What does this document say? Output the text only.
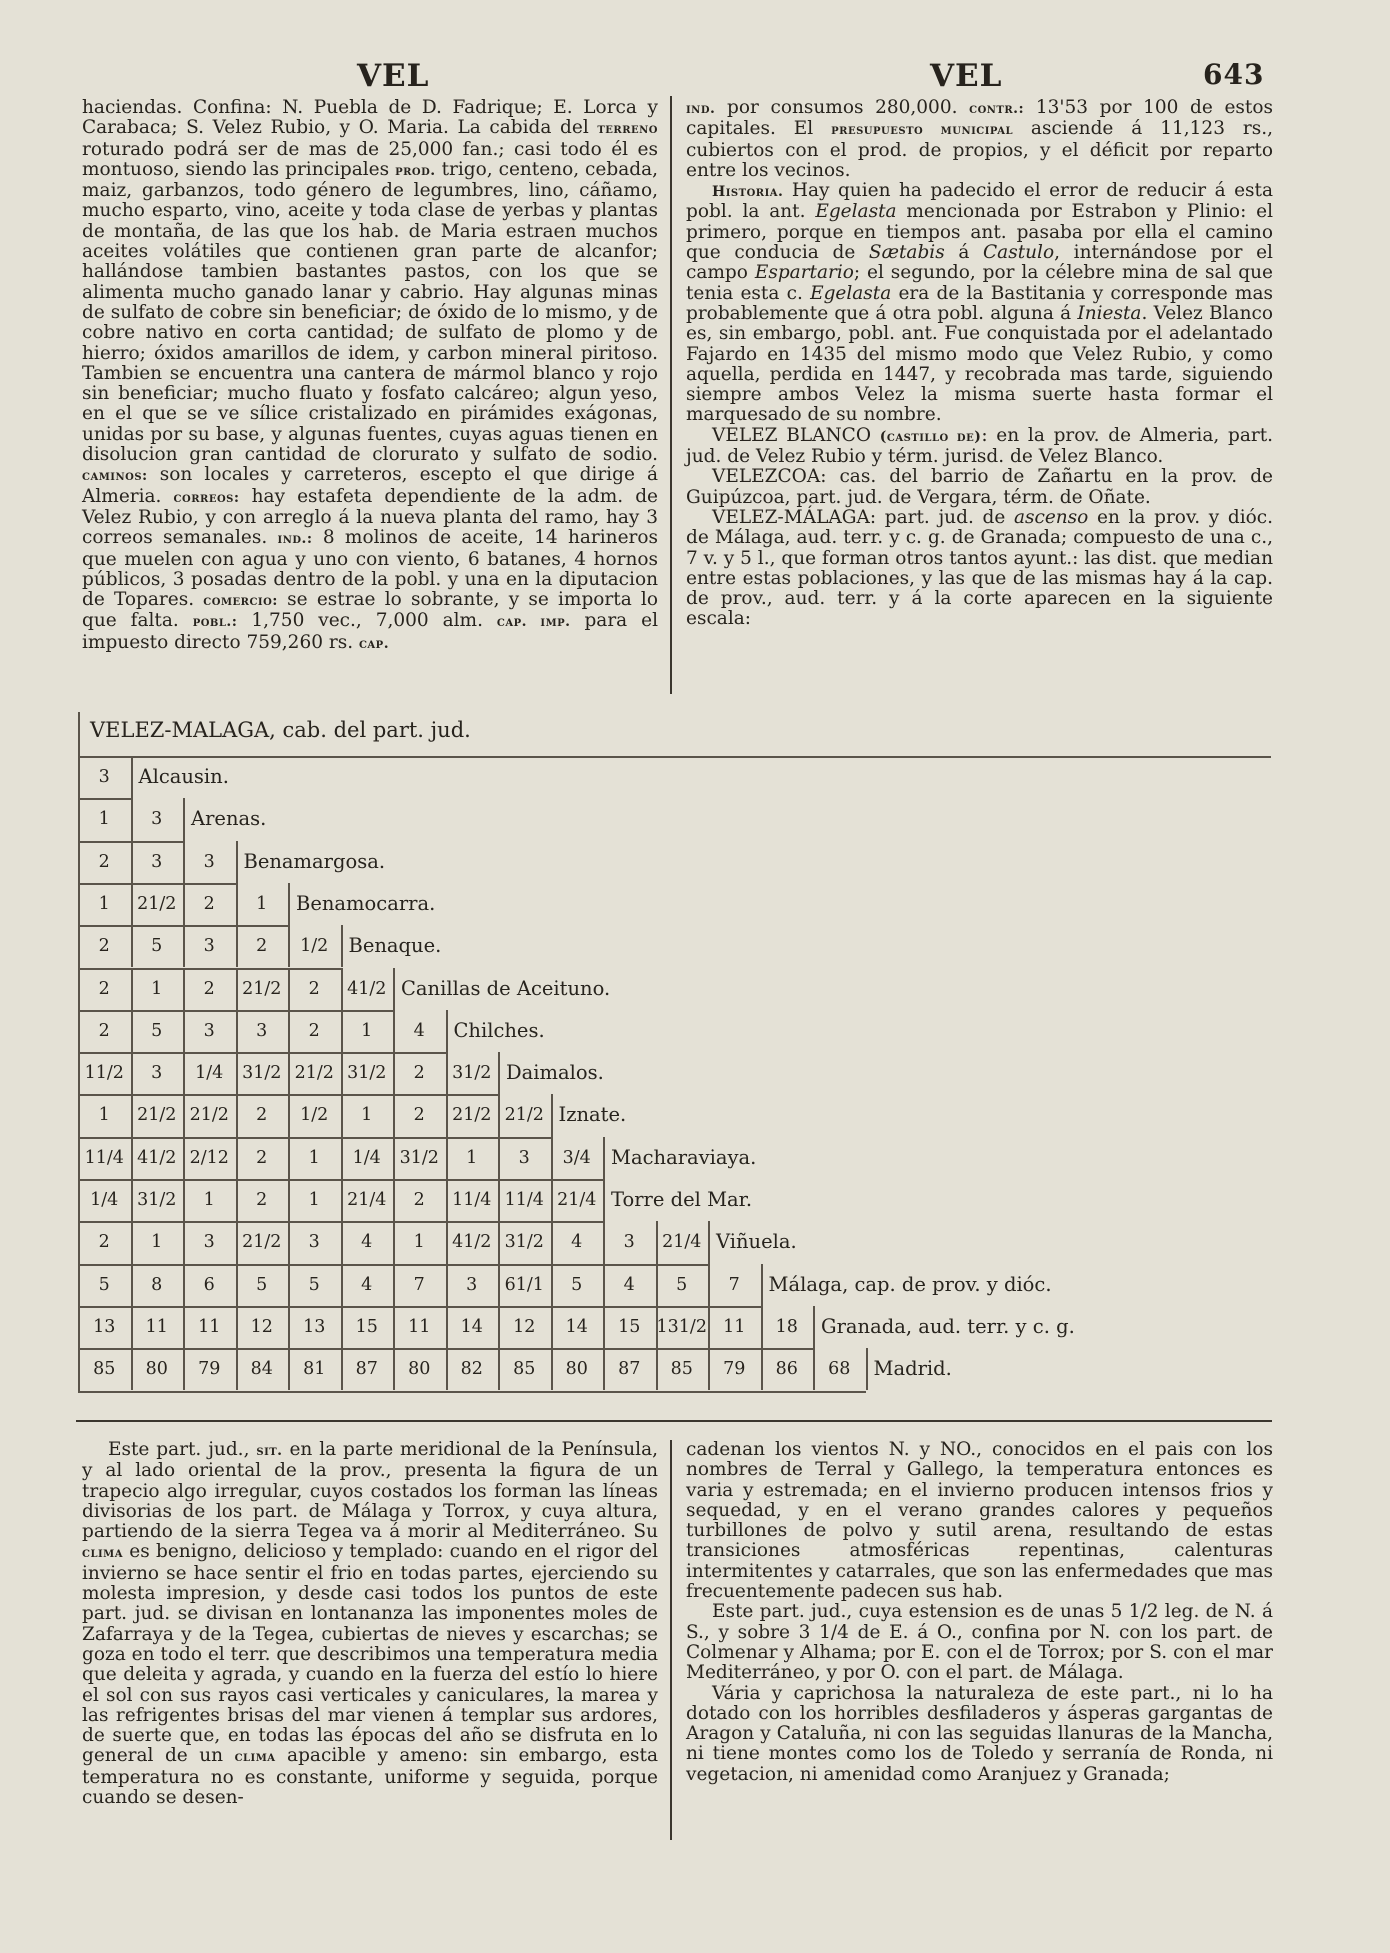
VEL	VEL	643

haciendas. Confina: N. Puebla de D. Fadrique; E. Lorca y Carabaca; S. Velez Rubio, y O. Maria. La cabida del terreno roturado podrá ser de mas de 25,000 fan.; casi todo él es montuoso, siendo las principales prod. trigo, centeno, cebada, maiz, garbanzos, todo género de legumbres, lino, cáñamo, mucho esparto, vino, aceite y toda clase de yerbas y plantas de montaña, de las que los hab. de Maria estraen muchos aceites volátiles que contienen gran parte de alcanfor; hallándose tambien bastantes pastos, con los que se alimenta mucho ganado lanar y cabrio. Hay algunas minas de sulfato de cobre sin beneficiar; de óxido de lo mismo, y de cobre nativo en corta cantidad; de sulfato de plomo y de hierro; óxidos amarillos de idem, y carbon mineral piritoso. Tambien se encuentra una cantera de mármol blanco y rojo sin beneficiar; mucho fluato y fosfato calcáreo; algun yeso, en el que se ve sílice cristalizado en pirámides exágonas, unidas por su base, y algunas fuentes, cuyas aguas tienen en disolucion gran cantidad de clorurato y sulfato de sodio. caminos: son locales y carreteros, escepto el que dirige á Almeria. correos: hay estafeta dependiente de la adm. de Velez Rubio, y con arreglo á la nueva planta del ramo, hay 3 correos semanales. ind.: 8 molinos de aceite, 14 harineros que muelen con agua y uno con viento, 6 batanes, 4 hornos públicos, 3 posadas dentro de la pobl. y una en la diputacion de Topares. comercio: se estrae lo sobrante, y se importa lo que falta. pobl.: 1,750 vec., 7,000 alm. cap. imp. para el impuesto directo 759,260 rs. cap.

ind. por consumos 280,000. contr.: 13'53 por 100 de estos capitales. El presupuesto municipal asciende á 11,123 rs., cubiertos con el prod. de propios, y el déficit por reparto entre los vecinos.

Historia. Hay quien ha padecido el error de reducir á esta pobl. la ant. Egelasta mencionada por Estrabon y Plinio: el primero, porque en tiempos ant. pasaba por ella el camino que conducia de Sætabis á Castulo, internándose por el campo Espartario; el segundo, por la célebre mina de sal que tenia esta c. Egelasta era de la Bastitania y corresponde mas probablemente que á otra pobl. alguna á Iniesta. Velez Blanco es, sin embargo, pobl. ant. Fue conquistada por el adelantado Fajardo en 1435 del mismo modo que Velez Rubio, y como aquella, perdida en 1447, y recobrada mas tarde, siguiendo siempre ambos Velez la misma suerte hasta formar el marquesado de su nombre.

VELEZ BLANCO (castillo de): en la prov. de Almeria, part. jud. de Velez Rubio y térm. jurisd. de Velez Blanco.

VELEZCOA: cas. del barrio de Zañartu en la prov. de Guipúzcoa, part. jud. de Vergara, térm. de Oñate.

VELEZ-MÁLAGA: part. jud. de ascenso en la prov. y dióc. de Málaga, aud. terr. y c. g. de Granada; compuesto de una c., 7 v. y 5 l., que forman otros tantos ayunt.: las dist. que median entre estas poblaciones, y las que de las mismas hay á la cap. de prov., aud. terr. y á la corte aparecen en la siguiente escala:

VELEZ-MALAGA, cab. del part. jud.
3	Alcausin.
1	3	Arenas.
2	3	3	Benamargosa.
1	21/2	2	1	Benamocarra.
2	5	3	2	1/2	Benaque.
2	1	2	21/2	2	41/2 Canillas de Aceituno.
2	5	3	3	2	1	4	Chilches.
11/2	3	1/4	31/2 21/2 31/2	2	31/2 Daimalos.
1	21/2 21/2	2	1/2	1	2	21/2 21/2 Iznate.
11/4 41/2 2/12	2	1	1/4	31/2	1	3	3/4	Macharaviaya.
1/4	31/2	1	2	1	21/4	2	11/4 11/4 21/4 Torre del Mar.
2	1	3	21/2	3	4	1	41/2 31/2	4	3	21/4 Viñuela.
5	8	6	5	5	4	7	3	61/1	5	4	5	7	Málaga, cap. de prov. y dióc.
13	11	11	12	13	15	11	14	12	14	15 131/2 11	18	Granada, aud. terr. y c. g.
85	80	79	84	81	87	80	82	85	80	87	85	79	86	68	Madrid.

Este part. jud., sit. en la parte meridional de la Península, y al lado oriental de la prov., presenta la figura de un trapecio algo irregular, cuyos costados los forman las líneas divisorias de los part. de Málaga y Torrox, y cuya altura, partiendo de la sierra Tegea va á morir al Mediterráneo. Su clima es benigno, delicioso y templado: cuando en el rigor del invierno se hace sentir el frio en todas partes, ejerciendo su molesta impresion, y desde casi todos los puntos de este part. jud. se divisan en lontananza las imponentes moles de Zafarraya y de la Tegea, cubiertas de nieves y escarchas; se goza en todo el terr. que describimos una temperatura media que deleita y agrada, y cuando en la fuerza del estío lo hiere el sol con sus rayos casi verticales y caniculares, la marea y las refrigentes brisas del mar vienen á templar sus ardores, de suerte que, en todas las épocas del año se disfruta en lo general de un clima apacible y ameno: sin embargo, esta temperatura no es constante, uniforme y seguida, porque cuando se desen-

cadenan los vientos N. y NO., conocidos en el pais con los nombres de Terral y Gallego, la temperatura entonces es varia y estremada; en el invierno producen intensos frios y sequedad, y en el verano grandes calores y pequeños turbillones de polvo y sutil arena, resultando de estas transiciones atmosféricas repentinas, calenturas intermitentes y catarrales, que son las enfermedades que mas frecuentemente padecen sus hab.

Este part. jud., cuya estension es de unas 5 1/2 leg. de N. á S., y sobre 3 1/4 de E. á O., confina por N. con los part. de Colmenar y Alhama; por E. con el de Torrox; por S. con el mar Mediterráneo, y por O. con el part. de Málaga.

Vária y caprichosa la naturaleza de este part., ni lo ha dotado con los horribles desfiladeros y ásperas gargantas de Aragon y Cataluña, ni con las seguidas llanuras de la Mancha, ni tiene montes como los de Toledo y serranía de Ronda, ni vegetacion, ni amenidad como Aranjuez y Granada;
